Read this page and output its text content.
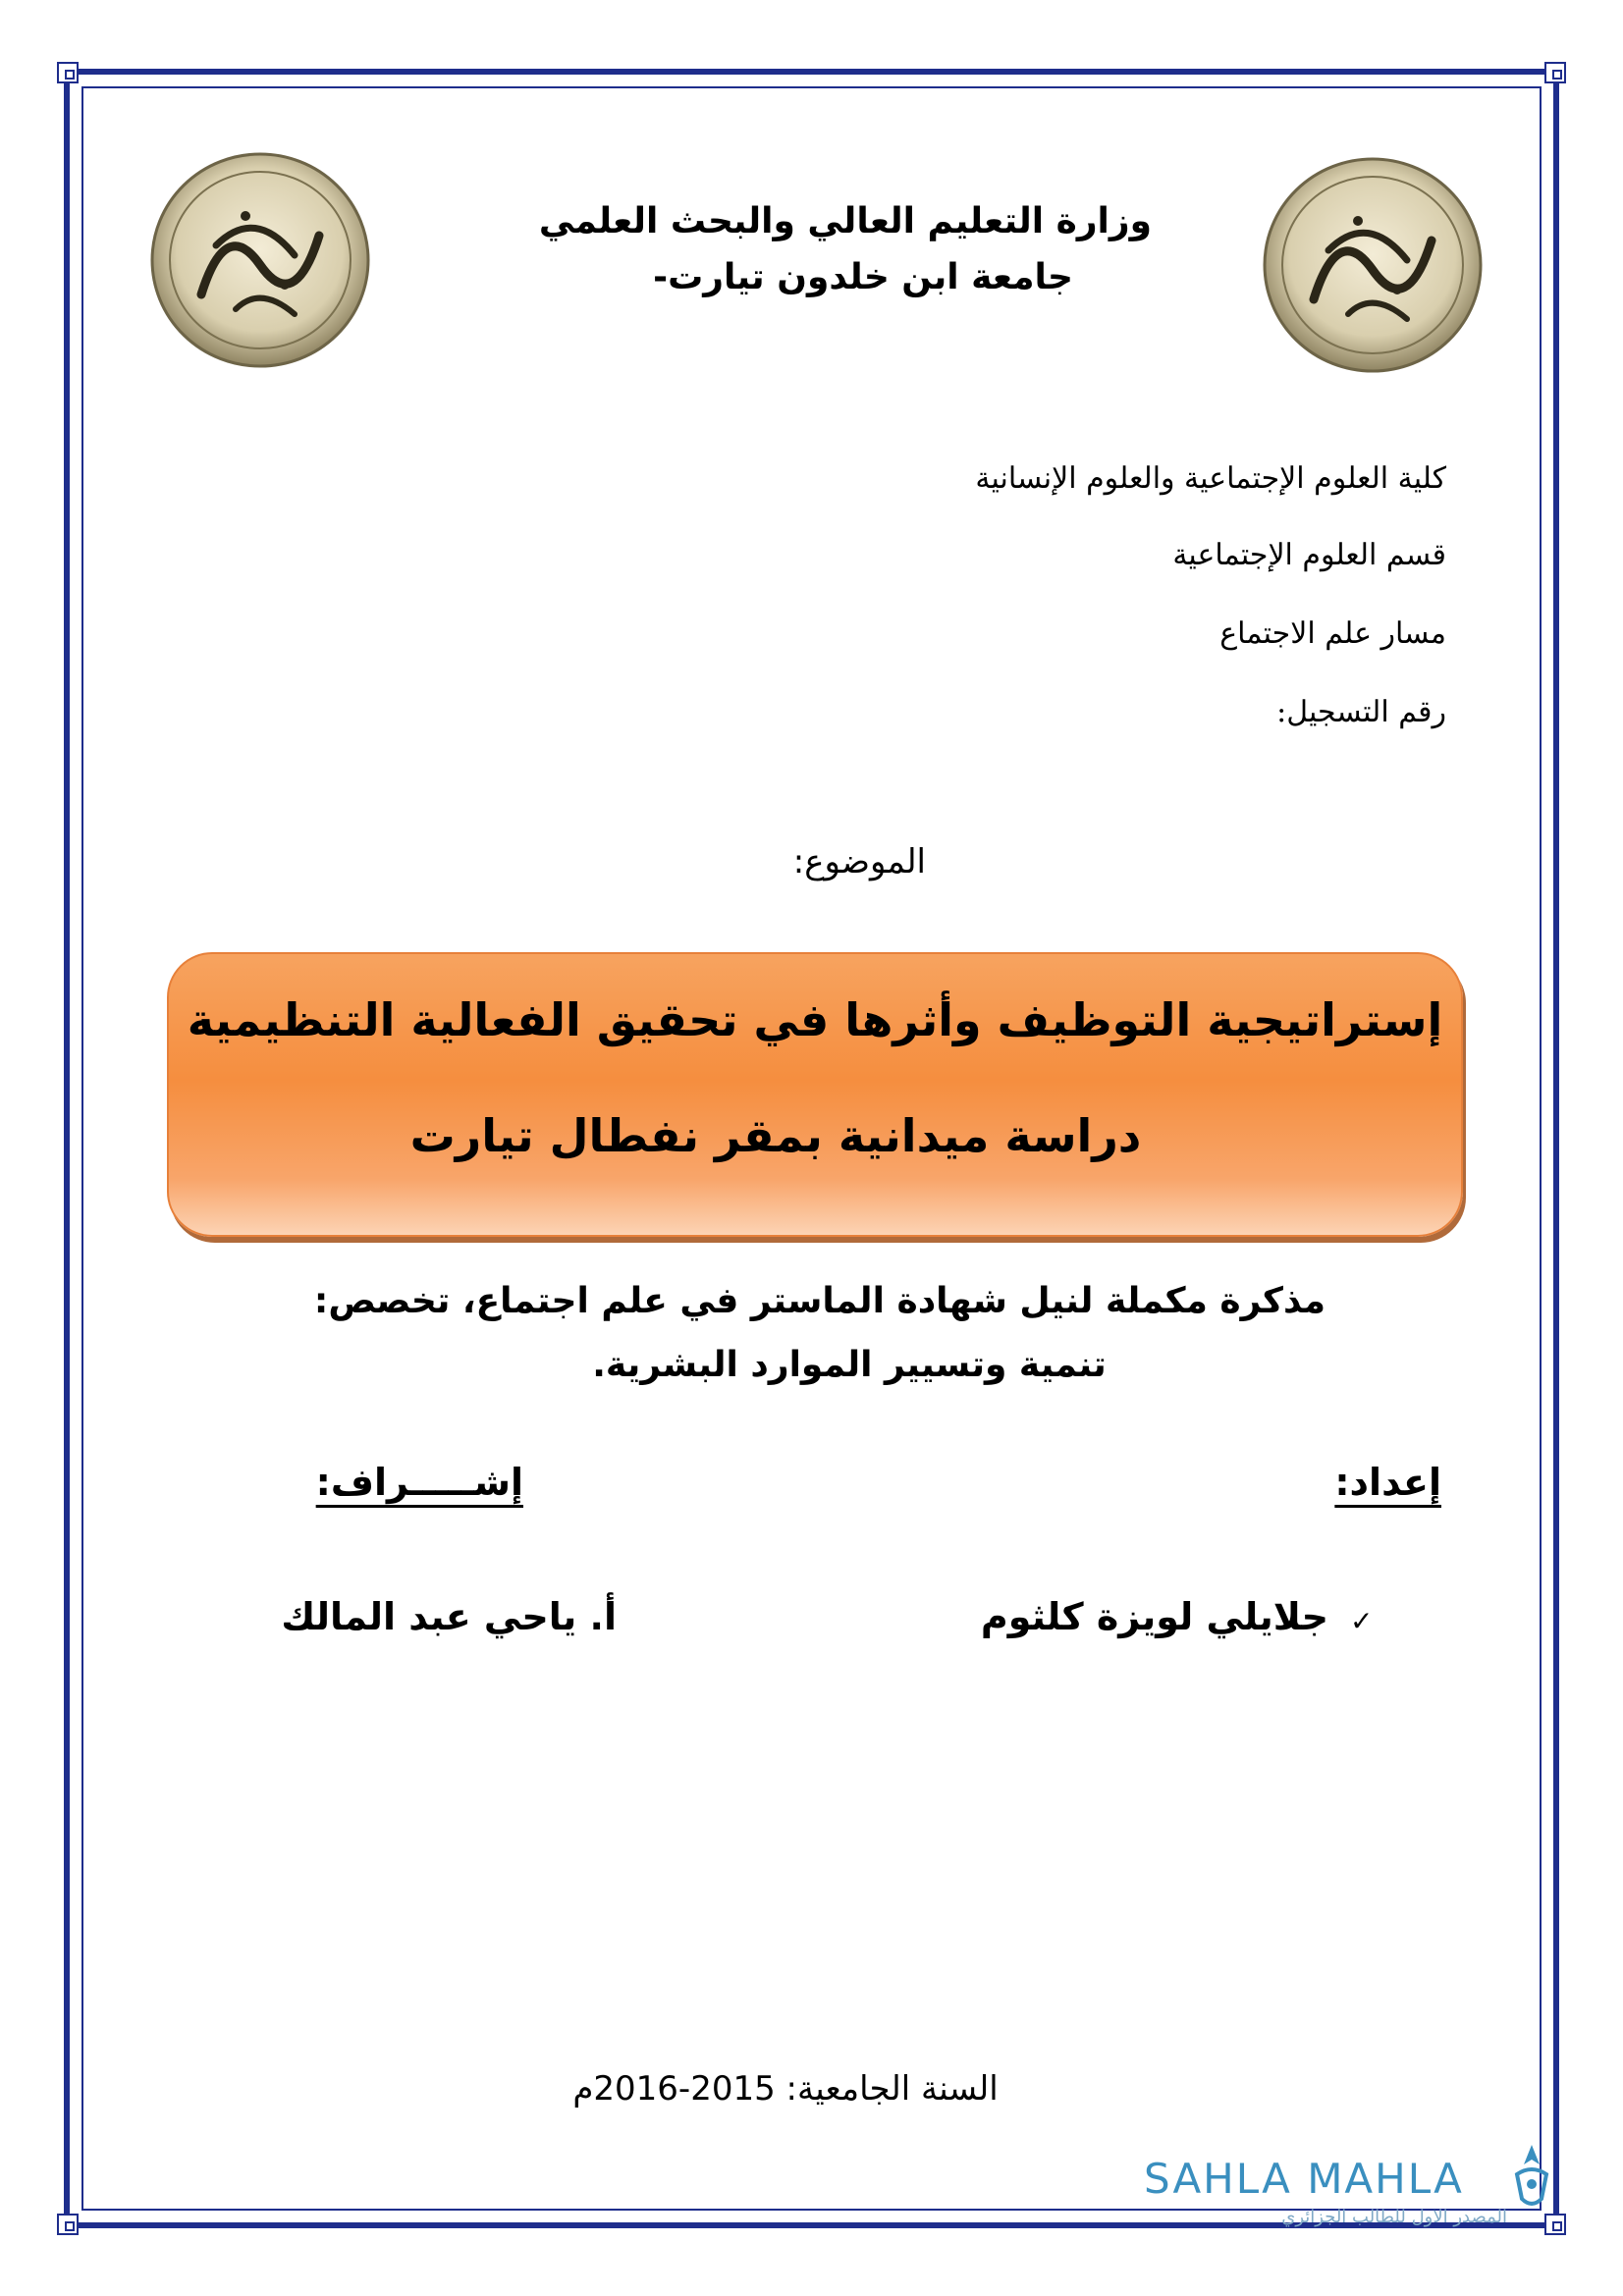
وزارة التعليم العالي والبحث العلمي
جامعة ابن خلدون تيارت-
كلية العلوم الإجتماعية والعلوم الإنسانية
قسم العلوم الإجتماعية
مسار علم الاجتماع
رقم التسجيل:
الموضوع:
إستراتيجية التوظيف وأثرها في تحقيق الفعالية التنظيمية
دراسة ميدانية بمقر نفطال تيارت
مذكرة مكملة لنيل شهادة الماستر في علم اجتماع، تخصص:
تنمية وتسيير الموارد البشرية.
إعداد:
إشـــــراف:
✓
جلايلي لويزة كلثوم
أ. ياحي عبد المالك
السنة الجامعية: 2015-2016م
SAHLA MAHLA
المصدر الاول للطالب الجزائري
